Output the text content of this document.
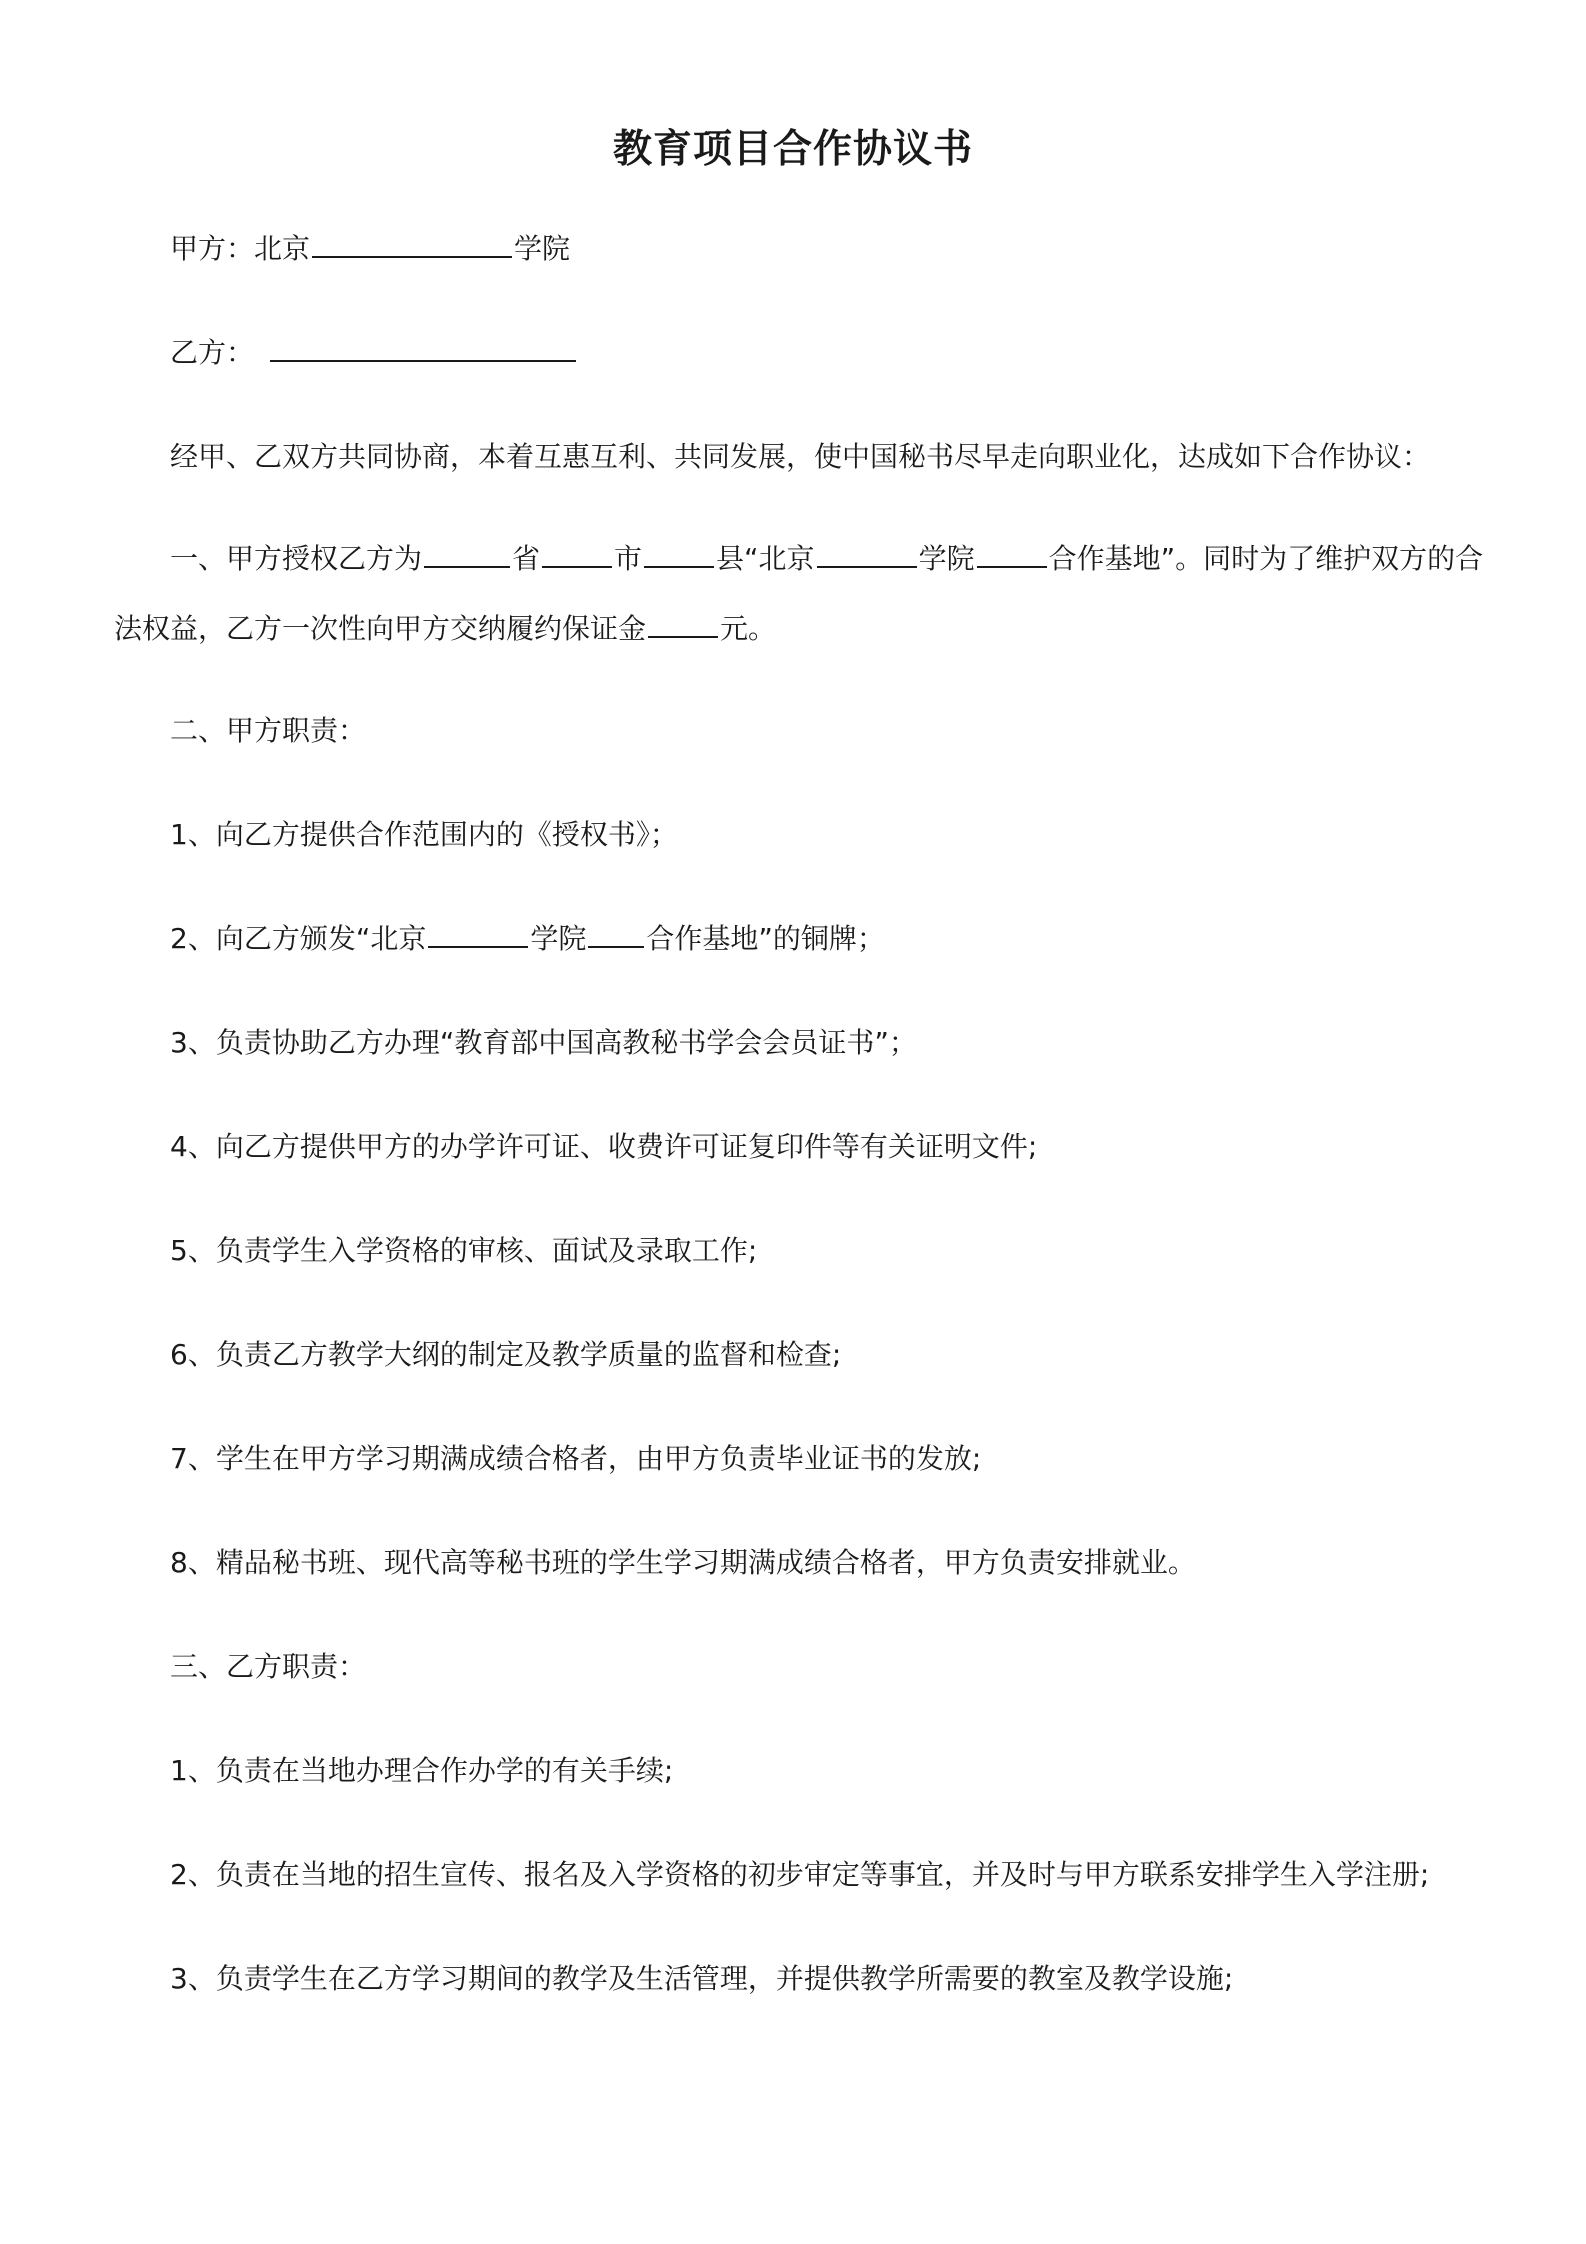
教育项目合作协议书
甲方：北京	学院
乙方：
经甲、乙双方共同协商，本着互惠互利、共同发展，使中国秘书尽早走向职业化，达成如下合作协议：
一、甲方授权乙方为	省	市	县“北京	学院	合作基地”。同时为了维护双方的合法权益，乙方一次性向甲方交纳履约保证金	元。
二、甲方职责：
1、向乙方提供合作范围内的《授权书》；
2、向乙方颁发“北京	学院 合作基地”的铜牌；
3、负责协助乙方办理“教育部中国高教秘书学会会员证书”；
4、向乙方提供甲方的办学许可证、收费许可证复印件等有关证明文件;
5、负责学生入学资格的审核、面试及录取工作;
6、负责乙方教学大纲的制定及教学质量的监督和检查;
7、学生在甲方学习期满成绩合格者，由甲方负责毕业证书的发放;
8、精品秘书班、现代高等秘书班的学生学习期满成绩合格者，甲方负责安排就业。
三、乙方职责：
1、负责在当地办理合作办学的有关手续;
2、负责在当地的招生宣传、报名及入学资格的初步审定等事宜，并及时与甲方联系安排学生入学注册;
3、负责学生在乙方学习期间的教学及生活管理，并提供教学所需要的教室及教学设施;
